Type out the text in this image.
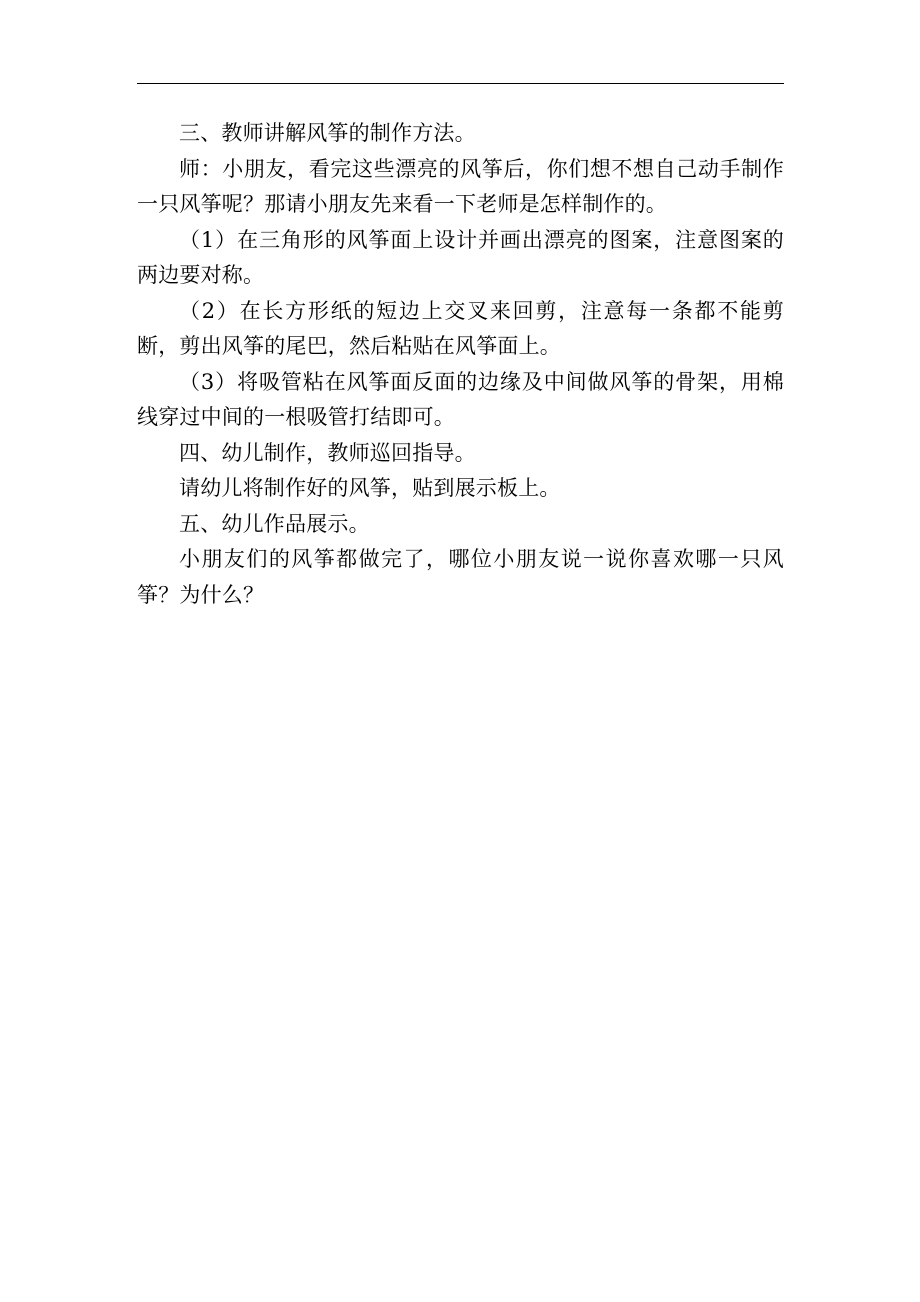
三、教师讲解风筝的制作方法。

师：小朋友，看完这些漂亮的风筝后，你们想不想自己动手制作一只风筝呢？那请小朋友先来看一下老师是怎样制作的。

（1）在三角形的风筝面上设计并画出漂亮的图案，注意图案的两边要对称。

（2）在长方形纸的短边上交叉来回剪，注意每一条都不能剪断，剪出风筝的尾巴，然后粘贴在风筝面上。

（3）将吸管粘在风筝面反面的边缘及中间做风筝的骨架，用棉线穿过中间的一根吸管打结即可。

四、幼儿制作，教师巡回指导。

请幼儿将制作好的风筝，贴到展示板上。

五、幼儿作品展示。

小朋友们的风筝都做完了，哪位小朋友说一说你喜欢哪一只风筝？为什么？
